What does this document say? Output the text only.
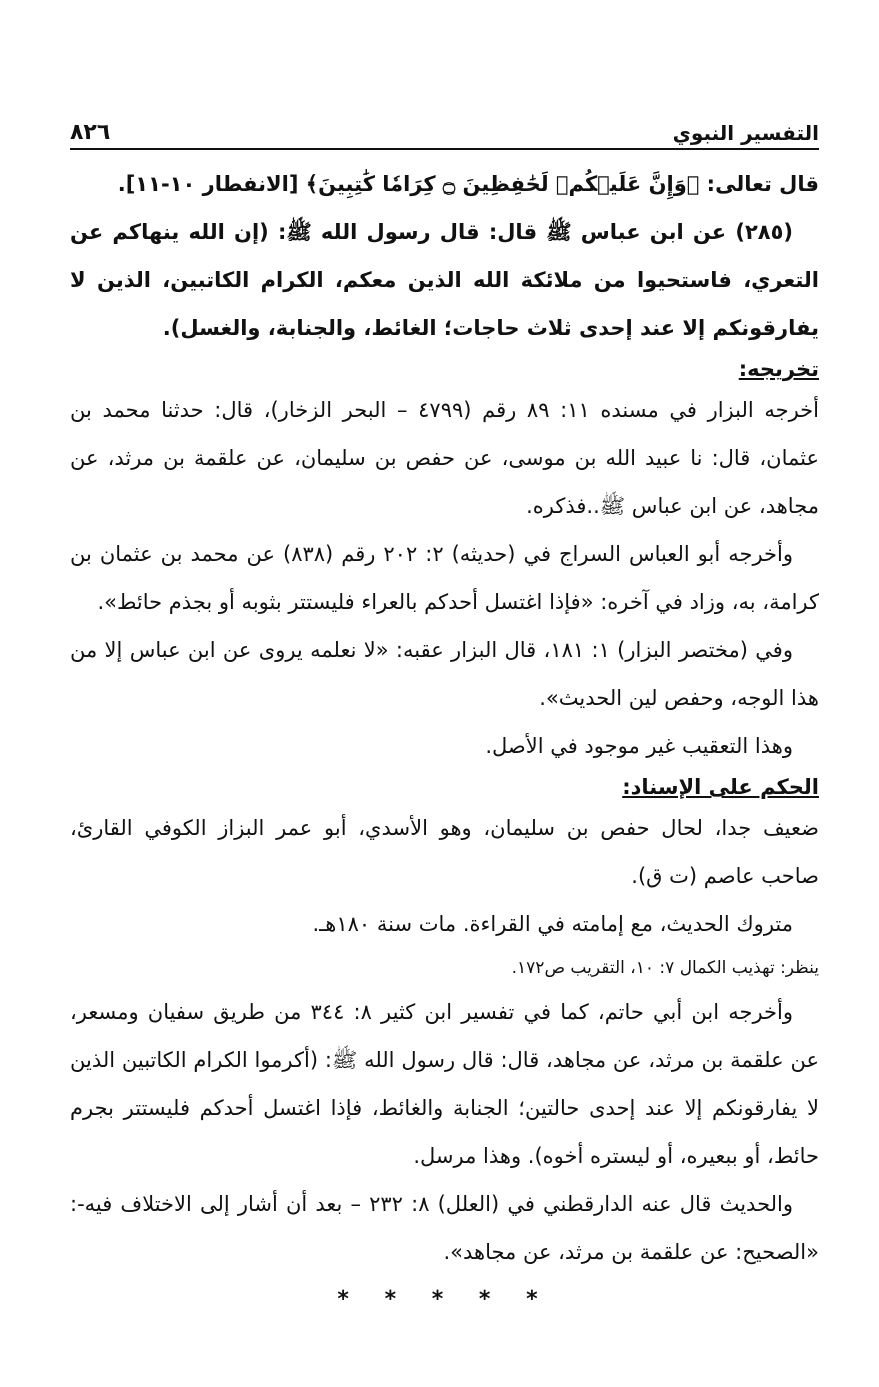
التفسير النبوي
٨٢٦

قال تعالى: ﴿وَإِنَّ عَلَيۡكُمۡ لَحَٰفِظِينَ ۝ كِرَامٗا كَٰتِبِينَ﴾ [الانفطار ١٠-١١].

(٢٨٥) عن ابن عباس ﷺ قال: قال رسول الله ﷺ: (إن الله ينهاكم عن التعري، فاستحيوا من ملائكة الله الذين معكم، الكرام الكاتبين، الذين لا يفارقونكم إلا عند إحدى ثلاث حاجات؛ الغائط، والجنابة، والغسل).

تخريجه:

أخرجه البزار في مسنده ١١: ٨٩ رقم (٤٧٩٩ – البحر الزخار)، قال: حدثنا محمد بن عثمان، قال: نا عبيد الله بن موسى، عن حفص بن سليمان، عن علقمة بن مرثد، عن مجاهد، عن ابن عباس ﷺ..فذكره.

وأخرجه أبو العباس السراج في (حديثه) ٢: ٢٠٢ رقم (٨٣٨) عن محمد بن عثمان بن كرامة، به، وزاد في آخره: «فإذا اغتسل أحدكم بالعراء فليستتر بثوبه أو بجذم حائط».

وفي (مختصر البزار) ١: ١٨١، قال البزار عقبه: «لا نعلمه يروى عن ابن عباس إلا من هذا الوجه، وحفص لين الحديث».

وهذا التعقيب غير موجود في الأصل.

الحكم على الإسناد:

ضعيف جدا، لحال حفص بن سليمان، وهو الأسدي، أبو عمر البزاز الكوفي القارئ، صاحب عاصم (ت ق).

متروك الحديث، مع إمامته في القراءة. مات سنة ١٨٠هـ.

ينظر: تهذيب الكمال ٧: ١٠، التقريب ص١٧٢.

وأخرجه ابن أبي حاتم، كما في تفسير ابن كثير ٨: ٣٤٤ من طريق سفيان ومسعر، عن علقمة بن مرثد، عن مجاهد، قال: قال رسول الله ﷺ: (أكرموا الكرام الكاتبين الذين لا يفارقونكم إلا عند إحدى حالتين؛ الجنابة والغائط، فإذا اغتسل أحدكم فليستتر بجرم حائط، أو ببعيره، أو ليستره أخوه). وهذا مرسل.

والحديث قال عنه الدارقطني في (العلل) ٨: ٢٣٢ – بعد أن أشار إلى الاختلاف فيه-: «الصحيح: عن علقمة بن مرثد، عن مجاهد».

* * * * *
